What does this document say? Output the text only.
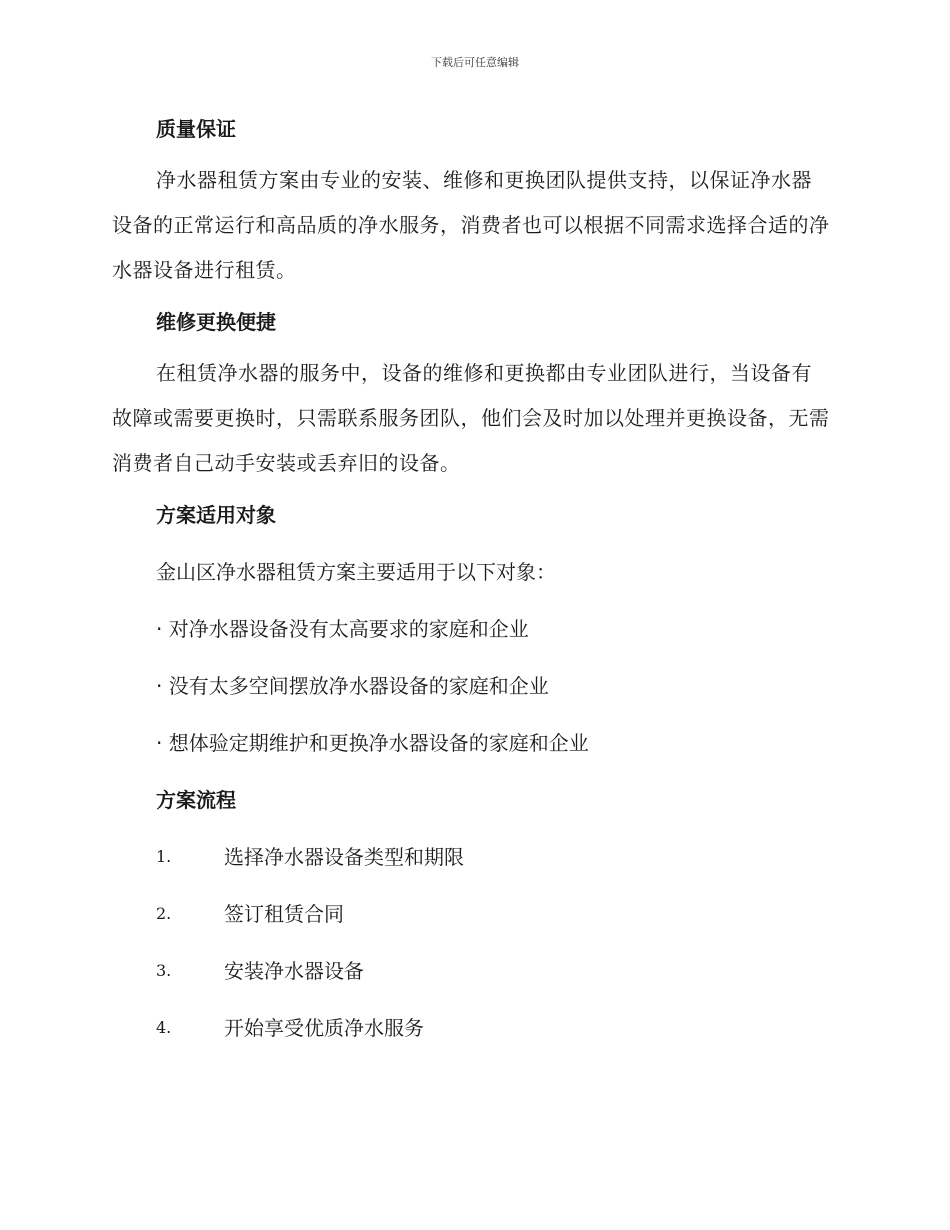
下载后可任意编辑
质量保证

净水器租赁方案由专业的安装、维修和更换团队提供支持，以保证净水器设备的正常运行和高品质的净水服务，消费者也可以根据不同需求选择合适的净水器设备进行租赁。

维修更换便捷

在租赁净水器的服务中，设备的维修和更换都由专业团队进行，当设备有故障或需要更换时，只需联系服务团队，他们会及时加以处理并更换设备，无需消费者自己动手安装或丢弃旧的设备。

方案适用对象
金山区净水器租赁方案主要适用于以下对象：
· 对净水器设备没有太高要求的家庭和企业
· 没有太多空间摆放净水器设备的家庭和企业
· 想体验定期维护和更换净水器设备的家庭和企业
方案流程
1.	选择净水器设备类型和期限
2.	签订租赁合同
3.	安装净水器设备
4.	开始享受优质净水服务
